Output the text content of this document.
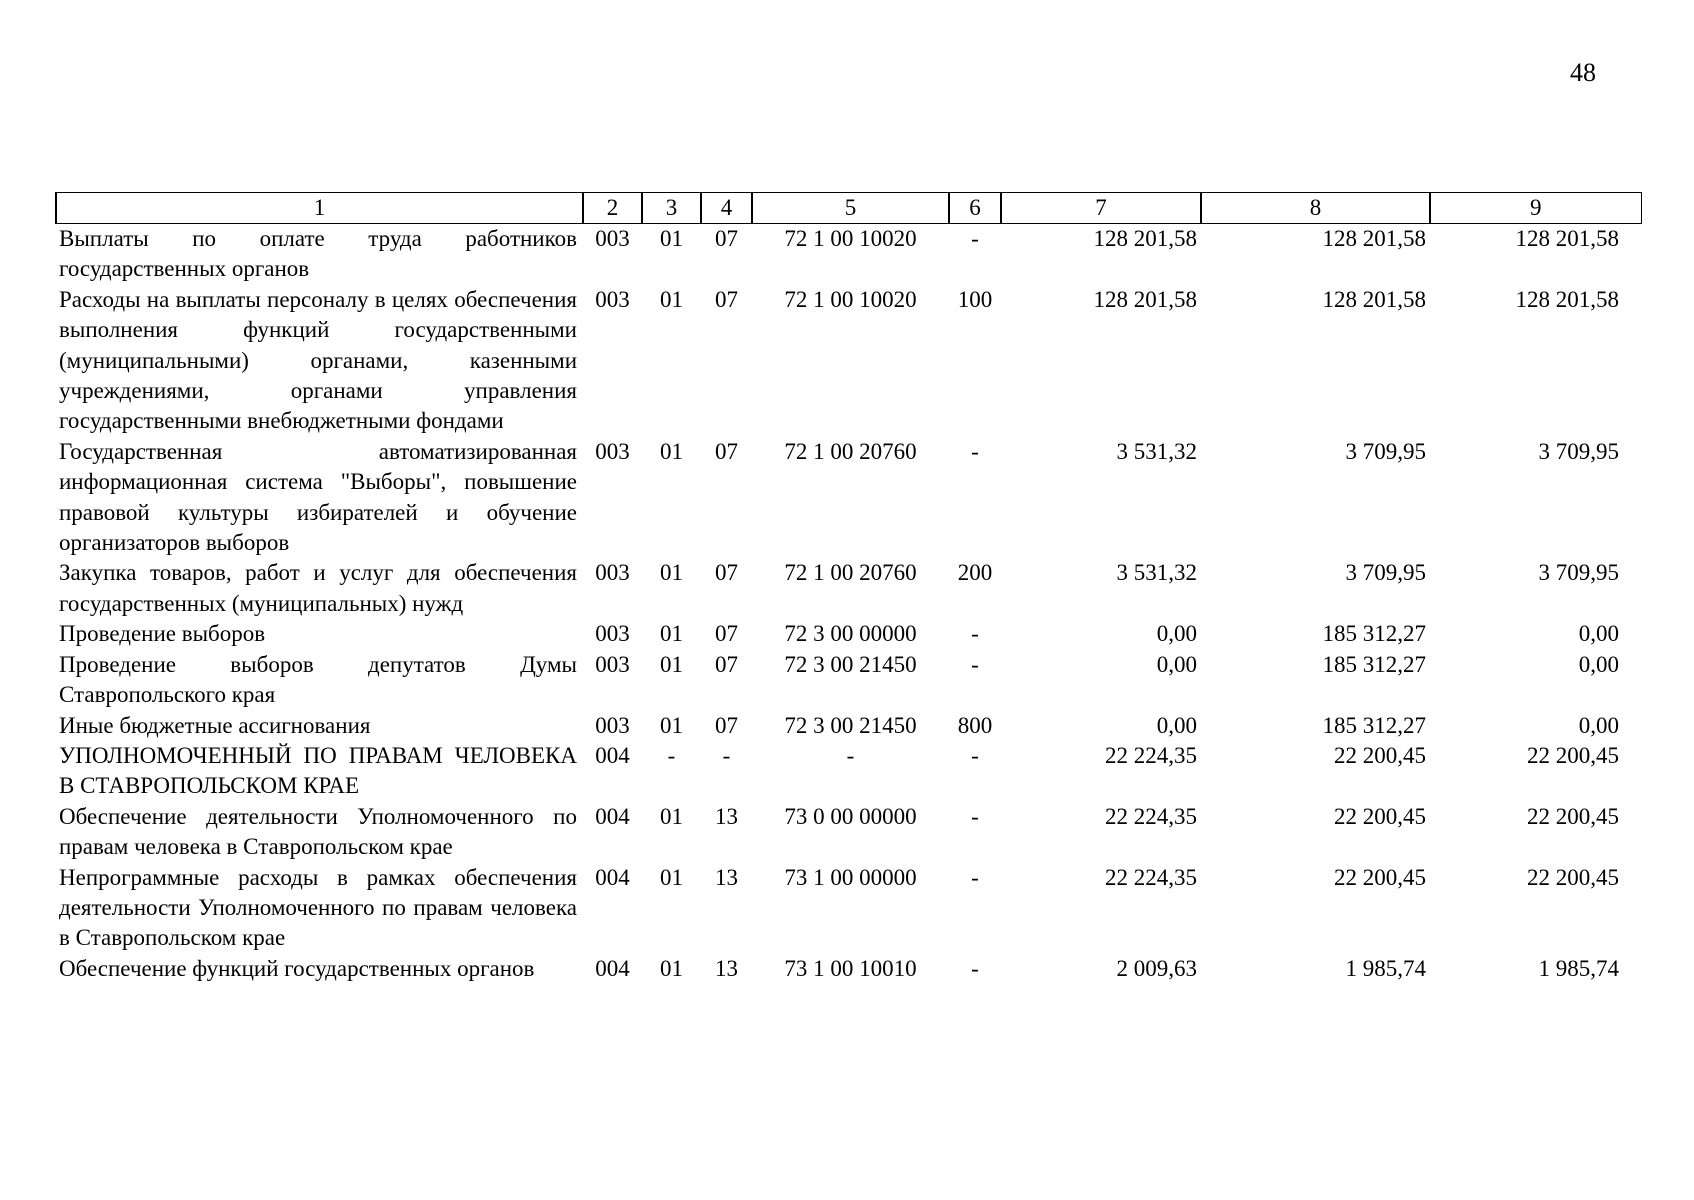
48
1	2	3	4	5	6	7	8	9
Выплаты по оплате труда работников государственных органов	003	01	07	72 1 00 10020	-	128 201,58	128 201,58	128 201,58
Расходы на выплаты персоналу в целях обеспечения выполнения функций государственными (муниципальными) органами, казенными учреждениями, органами управления государственными внебюджетными фондами	003	01	07	72 1 00 10020	100	128 201,58	128 201,58	128 201,58
Государственная автоматизированная информационная система "Выборы", повышение правовой культуры избирателей и обучение организаторов выборов	003	01	07	72 1 00 20760	-	3 531,32	3 709,95	3 709,95
Закупка товаров, работ и услуг для обеспечения государственных (муниципальных) нужд	003	01	07	72 1 00 20760	200	3 531,32	3 709,95	3 709,95
Проведение выборов	003	01	07	72 3 00 00000	-	0,00	185 312,27	0,00
Проведение выборов депутатов Думы Ставропольского края	003	01	07	72 3 00 21450	-	0,00	185 312,27	0,00
Иные бюджетные ассигнования	003	01	07	72 3 00 21450	800	0,00	185 312,27	0,00
УПОЛНОМОЧЕННЫЙ ПО ПРАВАМ ЧЕЛОВЕКА В СТАВРОПОЛЬСКОМ КРАЕ	004	-	-	-	-	22 224,35	22 200,45	22 200,45
Обеспечение деятельности Уполномоченного по правам человека в Ставропольском крае	004	01	13	73 0 00 00000	-	22 224,35	22 200,45	22 200,45
Непрограммные расходы в рамках обеспечения деятельности Уполномоченного по правам человека в Ставропольском крае	004	01	13	73 1 00 00000	-	22 224,35	22 200,45	22 200,45
Обеспечение функций государственных органов	004	01	13	73 1 00 10010	-	2 009,63	1 985,74	1 985,74
